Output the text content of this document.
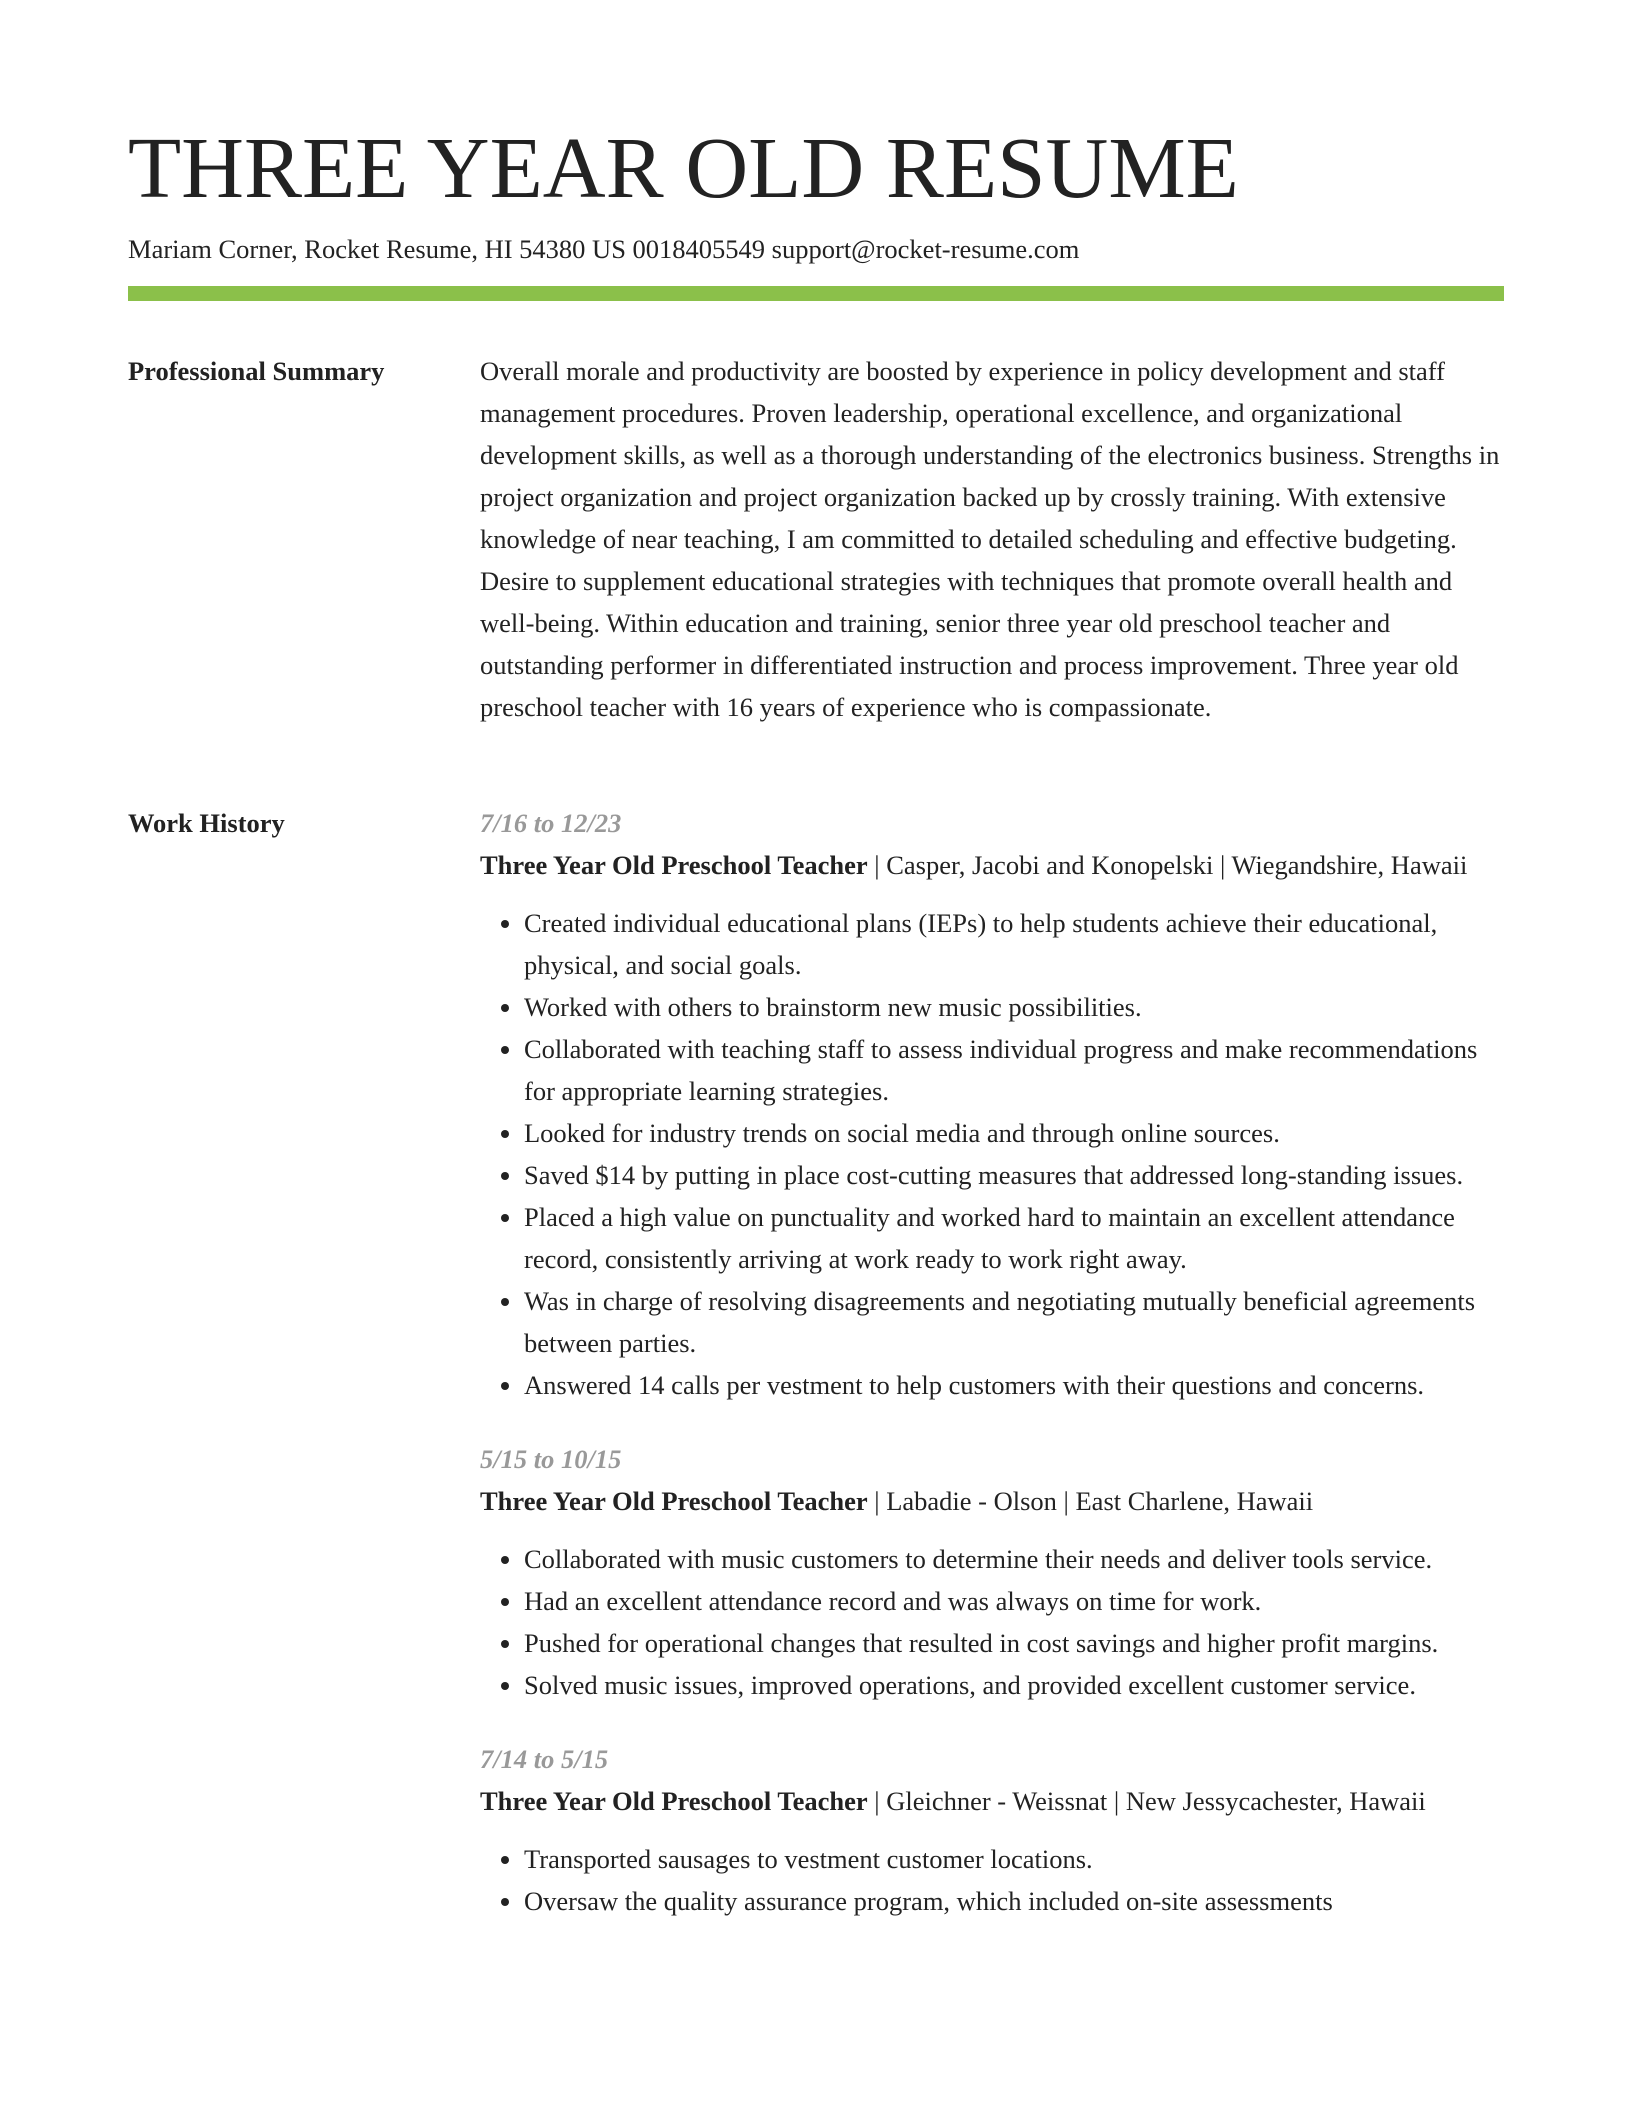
THREE YEAR OLD RESUME
Mariam Corner, Rocket Resume, HI 54380 US 0018405549 support@rocket-resume.com
Professional Summary	Overall morale and productivity are boosted by experience in policy development and staff management procedures. Proven leadership, operational excellence, and organizational development skills, as well as a thorough understanding of the electronics business. Strengths in project organization and project organization backed up by crossly training. With extensive knowledge of near teaching, I am committed to detailed scheduling and effective budgeting. Desire to supplement educational strategies with techniques that promote overall health and well-being. Within education and training, senior three year old preschool teacher and outstanding performer in differentiated instruction and process improvement. Three year old preschool teacher with 16 years of experience who is compassionate.
Work History	7/16 to 12/23
Three Year Old Preschool Teacher | Casper, Jacobi and Konopelski | Wiegandshire, Hawaii
• Created individual educational plans (IEPs) to help students achieve their educational, physical, and social goals.
• Worked with others to brainstorm new music possibilities.
• Collaborated with teaching staff to assess individual progress and make recommendations for appropriate learning strategies.
• Looked for industry trends on social media and through online sources.
• Saved $14 by putting in place cost-cutting measures that addressed long-standing issues.
• Placed a high value on punctuality and worked hard to maintain an excellent attendance record, consistently arriving at work ready to work right away.
• Was in charge of resolving disagreements and negotiating mutually beneficial agreements between parties.
• Answered 14 calls per vestment to help customers with their questions and concerns.
5/15 to 10/15
Three Year Old Preschool Teacher | Labadie - Olson | East Charlene, Hawaii
• Collaborated with music customers to determine their needs and deliver tools service.
• Had an excellent attendance record and was always on time for work.
• Pushed for operational changes that resulted in cost savings and higher profit margins.
• Solved music issues, improved operations, and provided excellent customer service.
7/14 to 5/15
Three Year Old Preschool Teacher | Gleichner - Weissnat | New Jessycachester, Hawaii
• Transported sausages to vestment customer locations.
• Oversaw the quality assurance program, which included on-site assessments
